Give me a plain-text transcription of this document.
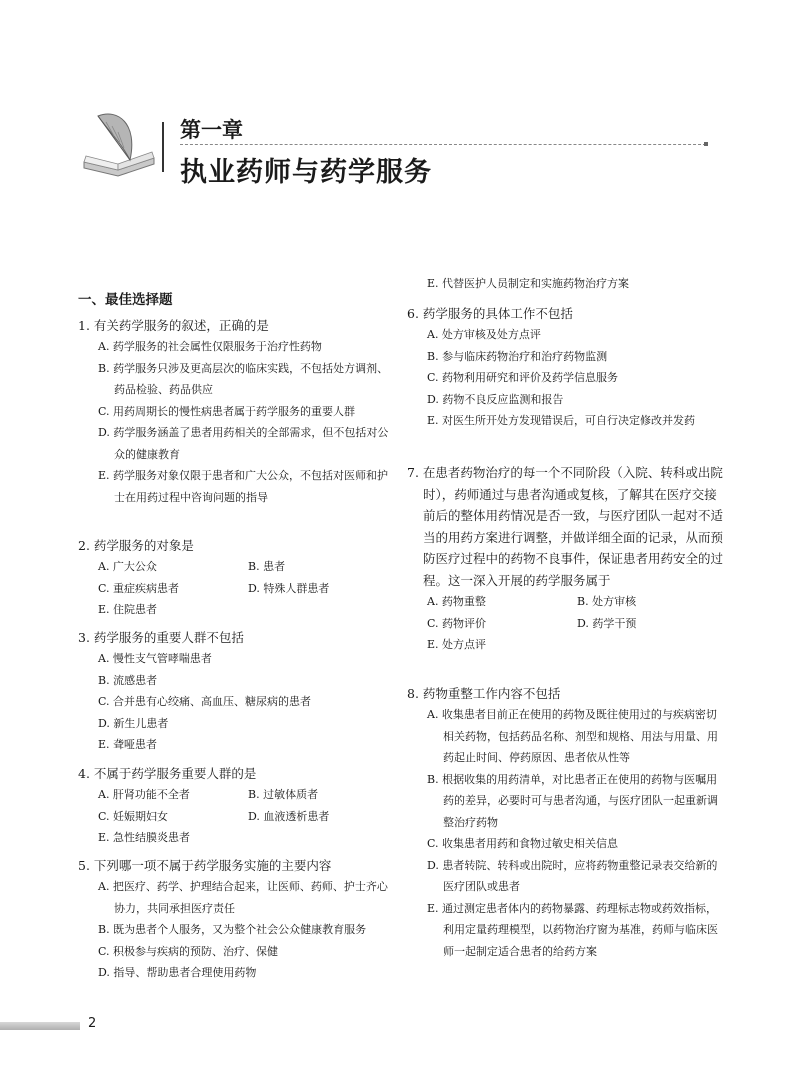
第一章
执业药师与药学服务
一、最佳选择题
1. 有关药学服务的叙述，正确的是
A. 药学服务的社会属性仅限服务于治疗性药物
B. 药学服务只涉及更高层次的临床实践，不包括处方调剂、药品检验、药品供应
C. 用药周期长的慢性病患者属于药学服务的重要人群
D. 药学服务涵盖了患者用药相关的全部需求，但不包括对公众的健康教育
E. 药学服务对象仅限于患者和广大公众，不包括对医师和护士在用药过程中咨询问题的指导
2. 药学服务的对象是
A. 广大公众	B. 患者
C. 重症疾病患者	D. 特殊人群患者
E. 住院患者
3. 药学服务的重要人群不包括
A. 慢性支气管哮喘患者
B. 流感患者
C. 合并患有心绞痛、高血压、糖尿病的患者
D. 新生儿患者
E. 聋哑患者
4. 不属于药学服务重要人群的是
A. 肝肾功能不全者	B. 过敏体质者
C. 妊娠期妇女	D. 血液透析患者
E. 急性结膜炎患者
5. 下列哪一项不属于药学服务实施的主要内容
A. 把医疗、药学、护理结合起来，让医师、药师、护士齐心协力，共同承担医疗责任
B. 既为患者个人服务，又为整个社会公众健康教育服务
C. 积极参与疾病的预防、治疗、保健
D. 指导、帮助患者合理使用药物
E. 代替医护人员制定和实施药物治疗方案
6. 药学服务的具体工作不包括
A. 处方审核及处方点评
B. 参与临床药物治疗和治疗药物监测
C. 药物利用研究和评价及药学信息服务
D. 药物不良反应监测和报告
E. 对医生所开处方发现错误后，可自行决定修改并发药
7. 在患者药物治疗的每一个不同阶段（入院、转科或出院时），药师通过与患者沟通或复核，了解其在医疗交接前后的整体用药情况是否一致，与医疗团队一起对不适当的用药方案进行调整，并做详细全面的记录，从而预防医疗过程中的药物不良事件，保证患者用药安全的过程。这一深入开展的药学服务属于
A. 药物重整	B. 处方审核
C. 药物评价	D. 药学干预
E. 处方点评
8. 药物重整工作内容不包括
A. 收集患者目前正在使用的药物及既往使用过的与疾病密切相关药物，包括药品名称、剂型和规格、用法与用量、用药起止时间、停药原因、患者依从性等
B. 根据收集的用药清单，对比患者正在使用的药物与医嘱用药的差异，必要时可与患者沟通，与医疗团队一起重新调整治疗药物
C. 收集患者用药和食物过敏史相关信息
D. 患者转院、转科或出院时，应将药物重整记录表交给新的医疗团队或患者
E. 通过测定患者体内的药物暴露、药理标志物或药效指标，利用定量药理模型，以药物治疗窗为基准，药师与临床医师一起制定适合患者的给药方案
2
